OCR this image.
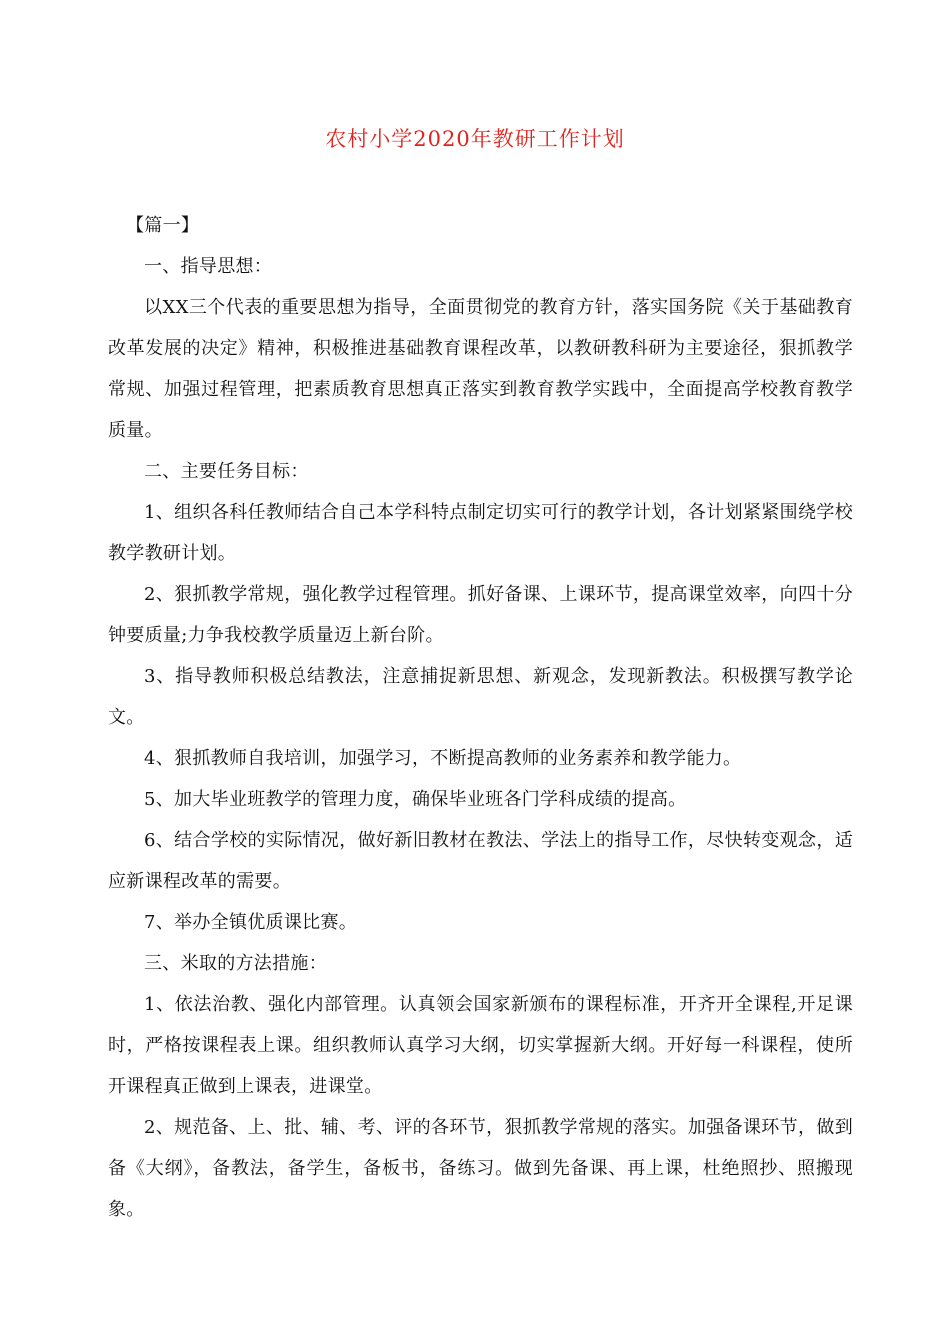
农村小学2020年教研工作计划

【篇一】

一、指导思想：

以XX三个代表的重要思想为指导，全面贯彻党的教育方针，落实国务院《关于基础教育改革发展的决定》精神，积极推进基础教育课程改革，以教研教科研为主要途径，狠抓教学常规、加强过程管理，把素质教育思想真正落实到教育教学实践中，全面提高学校教育教学质量。

二、主要任务目标：

1、组织各科任教师结合自己本学科特点制定切实可行的教学计划，各计划紧紧围绕学校教学教研计划。

2、狠抓教学常规，强化教学过程管理。抓好备课、上课环节，提高课堂效率，向四十分钟要质量;力争我校教学质量迈上新台阶。

3、指导教师积极总结教法，注意捕捉新思想、新观念，发现新教法。积极撰写教学论文。

4、狠抓教师自我培训，加强学习，不断提高教师的业务素养和教学能力。

5、加大毕业班教学的管理力度，确保毕业班各门学科成绩的提高。

6、结合学校的实际情况，做好新旧教材在教法、学法上的指导工作，尽快转变观念，适应新课程改革的需要。

7、举办全镇优质课比赛。

三、米取的方法措施：

1、依法治教、强化内部管理。认真领会国家新颁布的课程标准，开齐开全课程,开足课时，严格按课程表上课。组织教师认真学习大纲，切实掌握新大纲。开好每一科课程，使所开课程真正做到上课表，进课堂。

2、规范备、上、批、辅、考、评的各环节，狠抓教学常规的落实。加强备课环节，做到备《大纲》，备教法，备学生，备板书，备练习。做到先备课、再上课，杜绝照抄、照搬现象。
